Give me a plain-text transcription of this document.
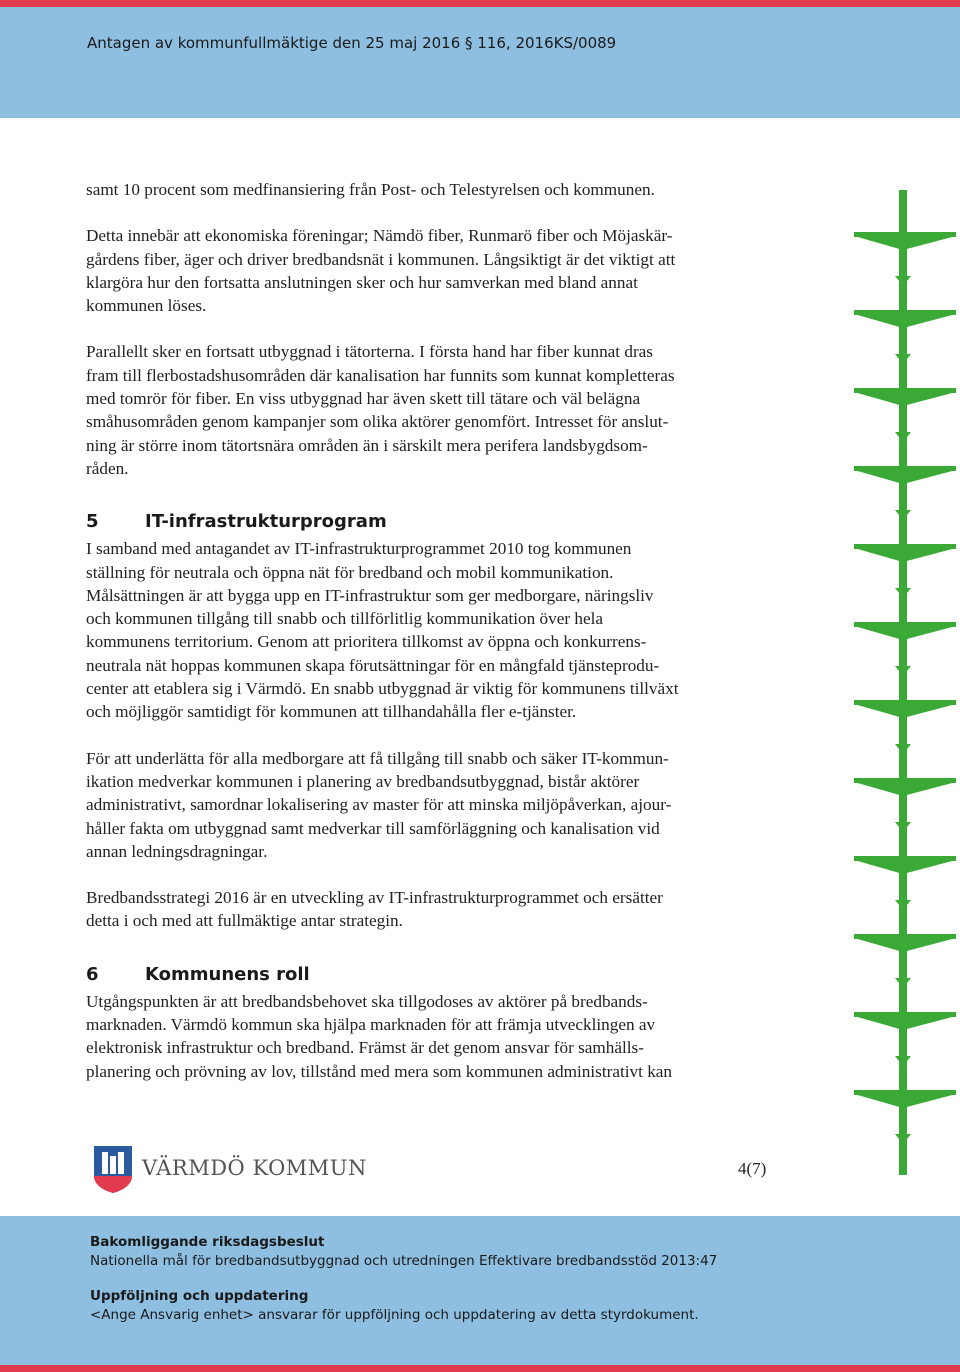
Antagen av kommunfullmäktige den 25 maj 2016 § 116, 2016KS/0089

samt 10 procent som medfinansiering från Post- och Telestyrelsen och kommunen.

Detta innebär att ekonomiska föreningar; Nämdö fiber, Runmarö fiber och Möjaskär-
gårdens fiber, äger och driver bredbandsnät i kommunen. Långsiktigt är det viktigt att
klargöra hur den fortsatta anslutningen sker och hur samverkan med bland annat
kommunen löses.

Parallellt sker en fortsatt utbyggnad i tätorterna. I första hand har fiber kunnat dras
fram till flerbostadshusområden där kanalisation har funnits som kunnat kompletteras
med tomrör för fiber. En viss utbyggnad har även skett till tätare och väl belägna
småhusområden genom kampanjer som olika aktörer genomfört. Intresset för anslut-
ning är större inom tätortsnära områden än i särskilt mera perifera landsbygdsom-
råden.

5	IT-infrastrukturprogram

I samband med antagandet av IT-infrastrukturprogrammet 2010 tog kommunen
ställning för neutrala och öppna nät för bredband och mobil kommunikation.
Målsättningen är att bygga upp en IT-infrastruktur som ger medborgare, näringsliv
och kommunen tillgång till snabb och tillförlitlig kommunikation över hela
kommunens territorium. Genom att prioritera tillkomst av öppna och konkurrens-
neutrala nät hoppas kommunen skapa förutsättningar för en mångfald tjänsteprodu-
center att etablera sig i Värmdö. En snabb utbyggnad är viktig för kommunens tillväxt
och möjliggör samtidigt för kommunen att tillhandahålla fler e-tjänster.

För att underlätta för alla medborgare att få tillgång till snabb och säker IT-kommun-
ikation medverkar kommunen i planering av bredbandsutbyggnad, bistår aktörer
administrativt, samordnar lokalisering av master för att minska miljöpåverkan, ajour-
håller fakta om utbyggnad samt medverkar till samförläggning och kanalisation vid
annan ledningsdragningar.

Bredbandsstrategi 2016 är en utveckling av IT-infrastrukturprogrammet och ersätter
detta i och med att fullmäktige antar strategin.

6	Kommunens roll

Utgångspunkten är att bredbandsbehovet ska tillgodoses av aktörer på bredbands-
marknaden. Värmdö kommun ska hjälpa marknaden för att främja utvecklingen av
elektronisk infrastruktur och bredband. Främst är det genom ansvar för samhälls-
planering och prövning av lov, tillstånd med mera som kommunen administrativt kan

VÄRMDÖ KOMMUN	4(7)
Bakomliggande riksdagsbeslut
Nationella mål för bredbandsutbyggnad och utredningen Effektivare bredbandsstöd 2013:47
Uppföljning och uppdatering
<Ange Ansvarig enhet> ansvarar för uppföljning och uppdatering av detta styrdokument.
